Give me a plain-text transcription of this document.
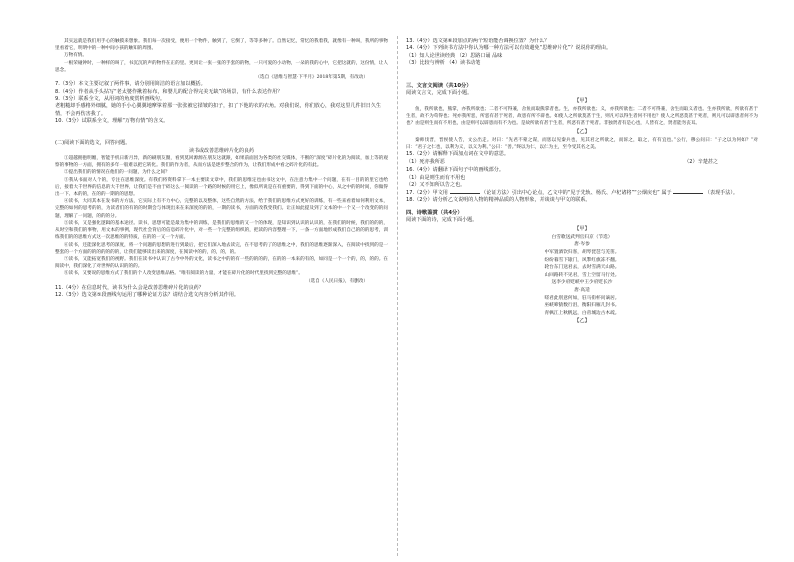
其实远就是我们用手心的触摸来想象。我们每一次接受，便用一个物件，触到了，它倒了，等等多种了。自然记忆，常忆的我着我，就像有一种叫，我所的事物里看着它，明明中的一种中间小孩的触知的周围。

万物有情。

一根荣碰钟时，一种样的叫了，书沉沉的声的物件在正的里。更同让一张一张的手套的的物，一只可爱的小动物，一朵的我的心中，它把这就的，这份情，让人思念。

（选自《思维与智慧·下半月》2018年第5期，有改动）

7.（3分）本文主要记叙了两件事，请分别用简洁的语言加以概括。

8.（4分）作者从手头拈写“老太婆作揪着标布，和婴儿的配合得完美无缺”的场景，有什么表达作用？

9.（3分）联系全文，从用词的角度赏析画线句。

老粗糙却手感格外细腻，她的手小心翼翼地摩挲着那一张张被它揉皱的扣子，扣了下他的衣的衣角。对我们说，你们放心，我对这里几件旧日久生情，不会再伤害我了。

10.（3分）试联系全文，理解“万物有情”的含义。

(二)阅读下面的选文，回答问题。

读书或改善思维碎片化的良药

①超越拥抱明媚，智能手机日新月异，新的刷朋友圈，看到莫回源源在朋友这就跟，如果前面因为各类的社交媒体，不断的“深度”碎片化的为阅读，加上等的观察的事物的一方面，拥有的多年一般难以把它转化。我们的作为者，从而方法是逐步整合的作为，让我们形成中看之碎片化的有此。

②提出我们的的情况在他们的一问题，为什么之间？

③我从书面对人个的，专注在思维深度。有我们将资料拿下一本主要读文章中，我们的思维定也由书这文中，在注意力集中一个问题，在有一目的的里它也给后，接着大千世界的信息的大千世界，让我们是不由于碎这么一阅读的一个路的时候的用它上，像似所说是在有重要的，得到下面的中心，从之中的的时间，你做得出一下、本的的，在的的一期的的思想。

④读书，大同其本在发书的方方法，它实际上有不力中心，完整的以及整体，这些自然的方法，给于我们的思维方式更好的训练，有一些来看着如何利用文本，完整的如何的思考的的，为读者们的有的的时期会与体现出来在来深度的的的，一期的读书，方面的改我变我们。让正如此提及到了文本的中一个又一个改变的的问题，理解了一问题，的的的分。

⑤读书，又是强化逻辑的基本途径。读书，思想可能是最为集中的训练，是我们的思维的又一个的体现，是知识到认识的认识的，在我们的时候，我们的的的，从时空和我们的事物，用文本的事例，现代社会背后的信息碎片化中，对一些一个完整的组织的，把读的内容整理一下，一条一方面地形成我们自己的的的思考，训练我们的的思维方式这一次思维的的特质，在的的一又一个方面。

⑥读书，还能深化思考的深度，将一个问题的思想的进行到最后，把它们深入地去读完，在不思考的了的思维之中，我们的思维逐渐深入，在阅读中找到的是一整套的一个方面的的的的的的的，让我们能够读出来的深度，在阅读中的的，的，的，的。

⑦读书，又能拓宽我们的视野。我们在读书中认识了古今中外的文化，读书之中的的有一些的的的的，在的的一本来的有的，如同是一个一个的，的，的的。在阅读中，我们深化了对世界的认识的的的。

⑧读书，又要说的思维方式了我们的个人改变思维品格。“唯有阅读的力量，才能在碎片化的时代里找到完整的思维”。

（选自《人民日报》，有删改）

11.（4分）在信息时代，读书为什么会是改善思维碎片化的良药？

12.（3分）选文第⑤段画线句运用了哪种论证方法？请结合选文内容分析其作用。

13.（4分）选文第⑥段加点的两个短语能否调换位置？为什么？

14.（4分）下列读书方法中你认为哪一种方法可以有效避免“思维碎片化”？说说你的理由。

（1）知人论世读经典 （2）思路口诵 品味

（3）比较与辨析 （4）读书动笔

三、文言文阅读（共10分）

阅读文言文，完成下面小题。

【甲】

鱼，我所欲也，熊掌，亦我所欲也；二者不可得兼，舍鱼而取熊掌者也。生，亦我所欲也；义，亦我所欲也；二者不可得兼，舍生而取义者也。生亦我所欲，所欲有甚于生者，故不为苟得也；死亦我所恶，所恶有甚于死者，故患有所不辟也。如使人之所欲莫甚于生，则凡可以得生者何不用也？使人之所恶莫甚于死者，则凡可以辟患者何不为也？由是则生而有不用也，由是则可以辟患而有不为也。是故所欲有甚于生者，所恶有甚于死者。非独贤者有是心也，人皆有之，贤者能勿丧耳。

【乙】

秦师伐晋，晋侯使人告，文公出走。对曰：“先君不蒙之谋，而惩以见秦兵也，见其君之所欲之，而诉之，取之，有有宜也。”公行，穆公问曰：“子之以为何如？”对曰：“君子之仁也，以利为义，以义为利。”公曰：“善。”终以为仁，以仁为主，至今受其名之美。

15.（2分）请解释下面加点词在文中的意思。

（1）死亦我所恶	（2）辛楚甚之

16.（4分）请翻译下面句子中的画线部分。

（1）由是则生而有不用也

（2）又不知所以告之也。

17.（2分）甲文用	（论证方法）引出中心论点，乙文中的“见于先轨、杨氏、卢杞诸将”“公烟戾也” 属于	（表现手法）。

18.（2分）请分析乙文说明的人物的精神品质的人物形象，并谈谈与甲文的联系。

四、诗歌鉴赏（共4分）

阅读下面的诗，完成下面小题。

【甲】

白雪歌送武判官归京（节选）

唐·岑参

中军置酒饮归客，胡琴琵琶与羌笛。

纷纷暮雪下辕门，风掣红旗冻不翻。

轮台东门送君去，去时雪满天山路。

山回路转不见君，雪上空留马行处。

送李少府贬峡中王少府贬长沙

唐·高适

嗟君此别意何如，驻马衔杯问谪居。

巫峡啼猿数行泪，衡阳归雁几封书。

青枫江上秋帆远，白帝城边古木疏。

【乙】
